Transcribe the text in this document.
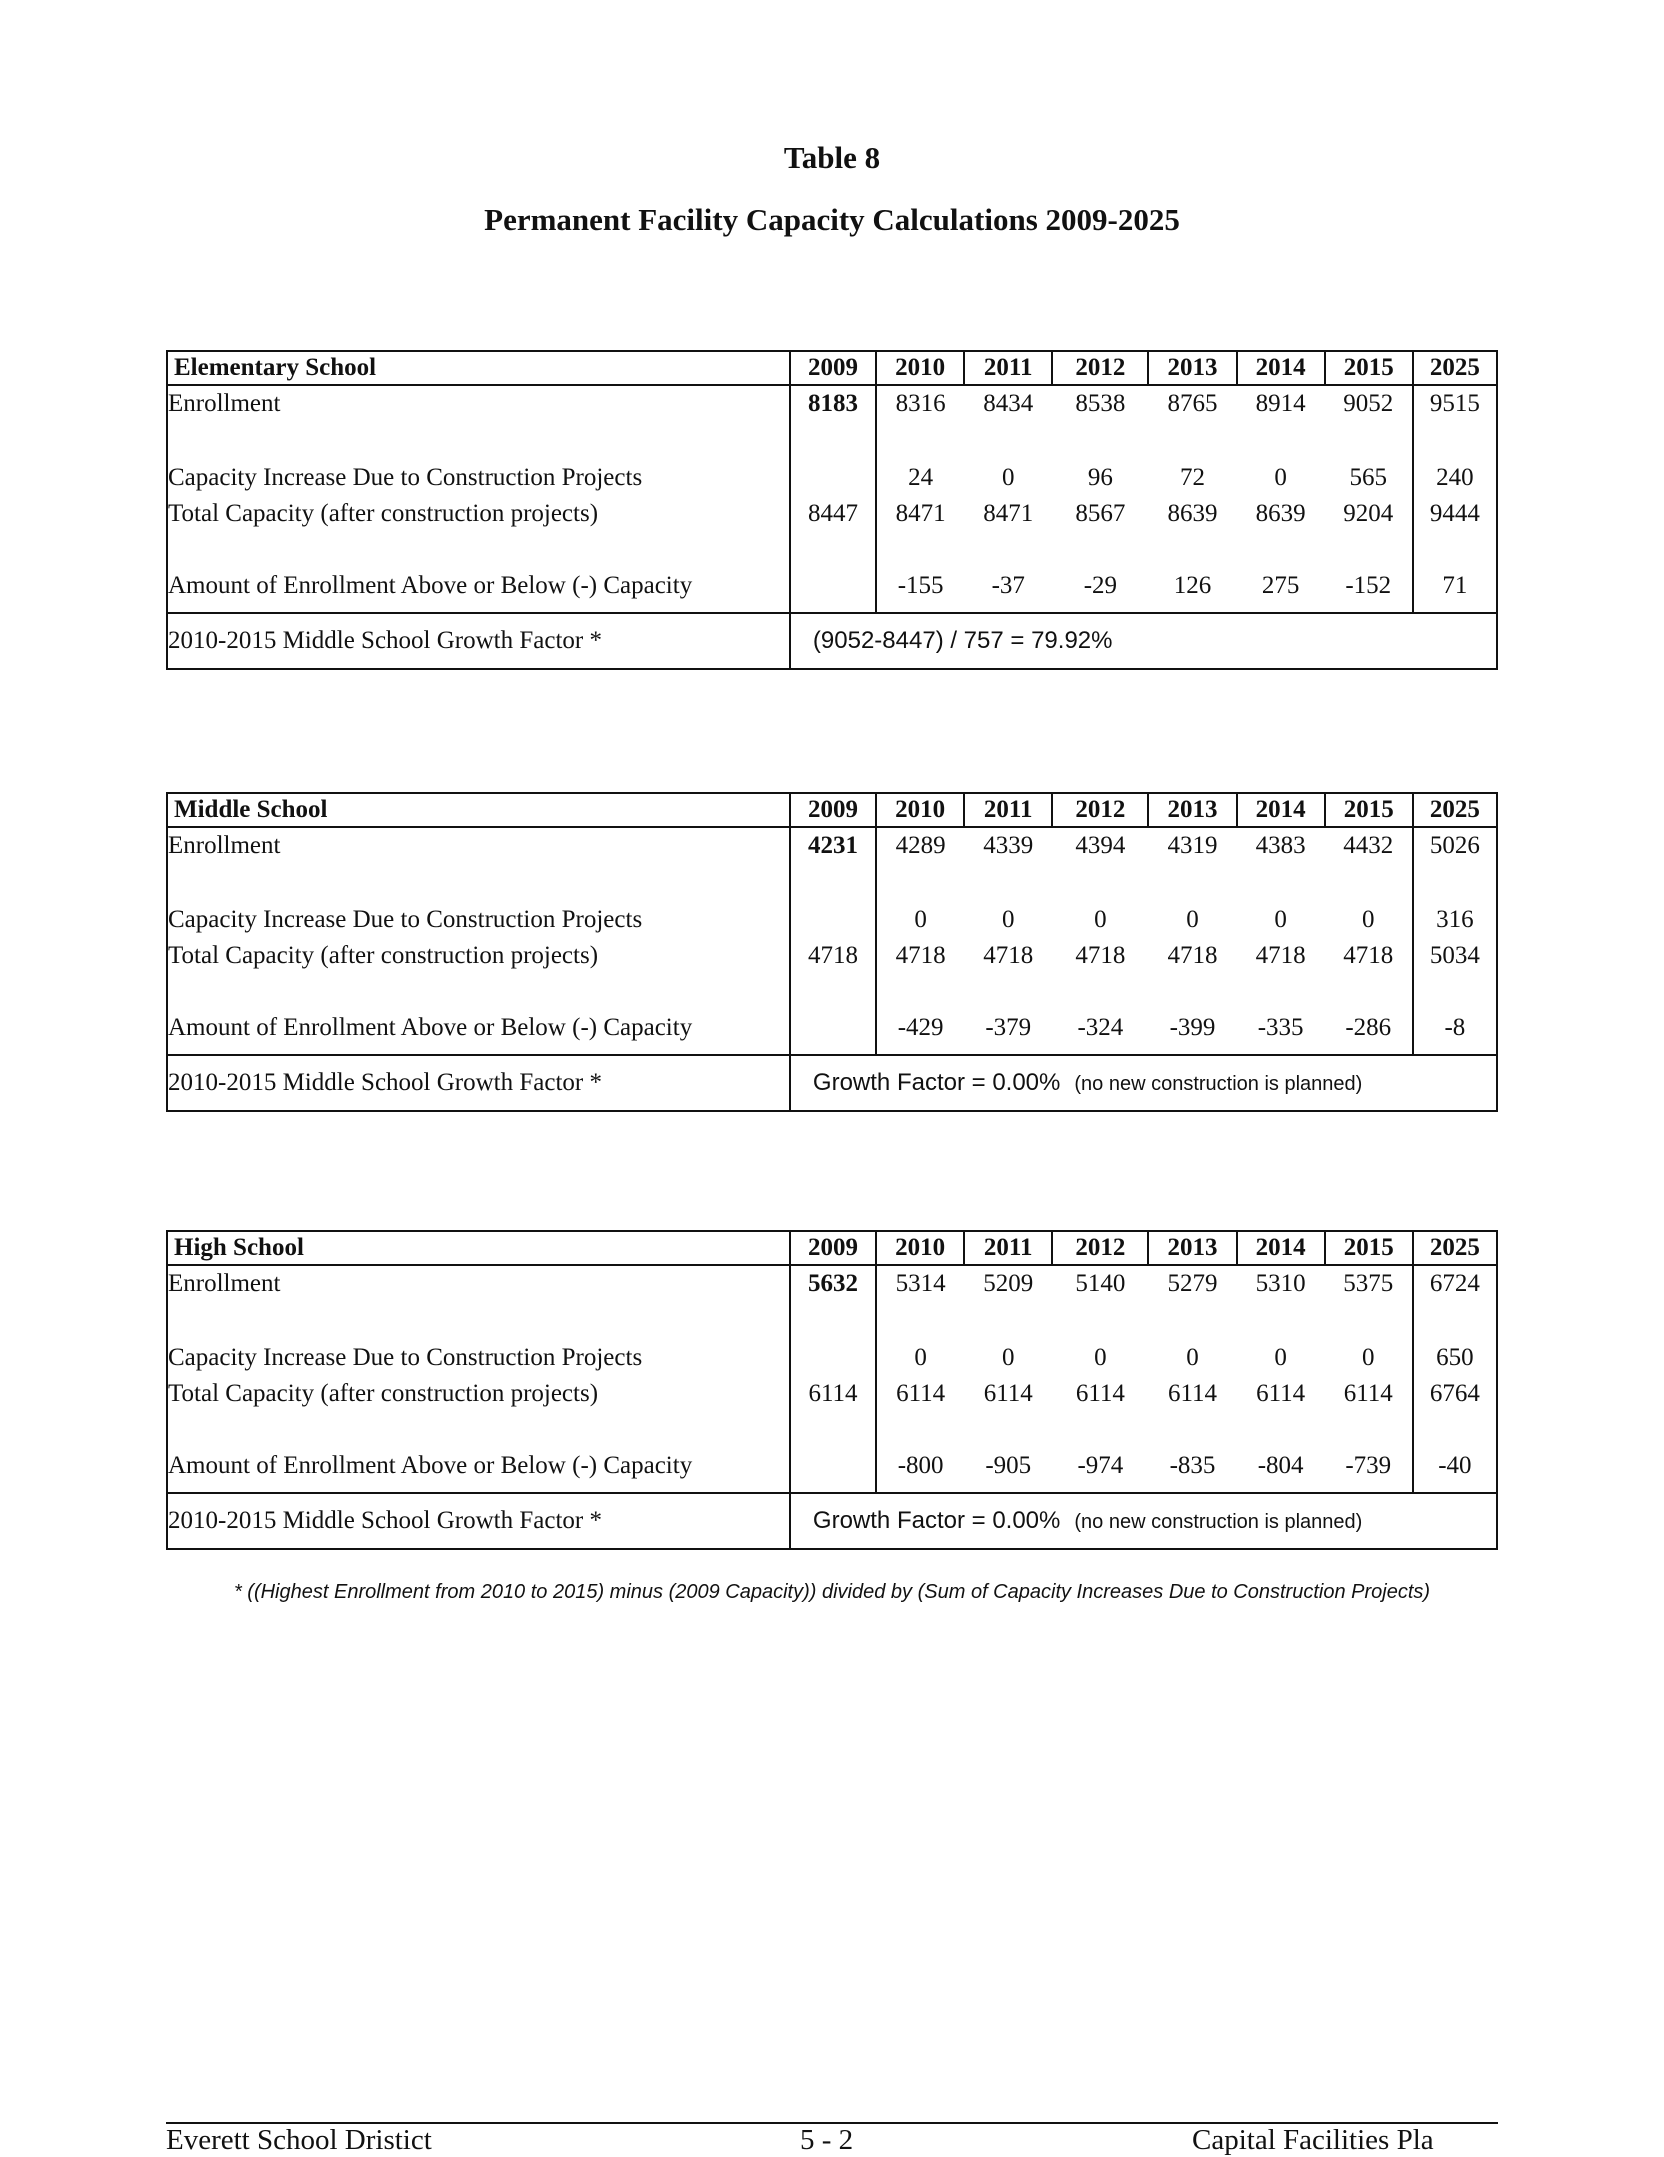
Table 8
Permanent Facility Capacity Calculations 2009-2025
Elementary School	2009	2010	2011	2012	2013	2014	2015	2025
Enrollment	8183	8316	8434	8538	8765	8914	9052	9515
Capacity Increase Due to Construction Projects		24	0	96	72	0	565	240
Total Capacity (after construction projects)	8447	8471	8471	8567	8639	8639	9204	9444
Amount of Enrollment Above or Below (-) Capacity		-155	-37	-29	126	275	-152	71
2010-2015 Middle School Growth Factor *	(9052-8447) / 757 = 79.92%							
Middle School	2009	2010	2011	2012	2013	2014	2015	2025
Enrollment	4231	4289	4339	4394	4319	4383	4432	5026
Capacity Increase Due to Construction Projects		0	0	0	0	0	0	316
Total Capacity (after construction projects)	4718	4718	4718	4718	4718	4718	4718	5034
Amount of Enrollment Above or Below (-) Capacity		-429	-379	-324	-399	-335	-286	-8
2010-2015 Middle School Growth Factor *	Growth Factor = 0.00% (no new construction is planned)							
High School	2009	2010	2011	2012	2013	2014	2015	2025
Enrollment	5632	5314	5209	5140	5279	5310	5375	6724
Capacity Increase Due to Construction Projects		0	0	0	0	0	0	650
Total Capacity (after construction projects)	6114	6114	6114	6114	6114	6114	6114	6764
Amount of Enrollment Above or Below (-) Capacity		-800	-905	-974	-835	-804	-739	-40
2010-2015 Middle School Growth Factor *	Growth Factor = 0.00% (no new construction is planned)							
* ((Highest Enrollment from 2010 to 2015) minus (2009 Capacity)) divided by (Sum of Capacity Increases Due to Construction Projects)
Everett School Dristict	5 - 2	Capital Facilities Pla
